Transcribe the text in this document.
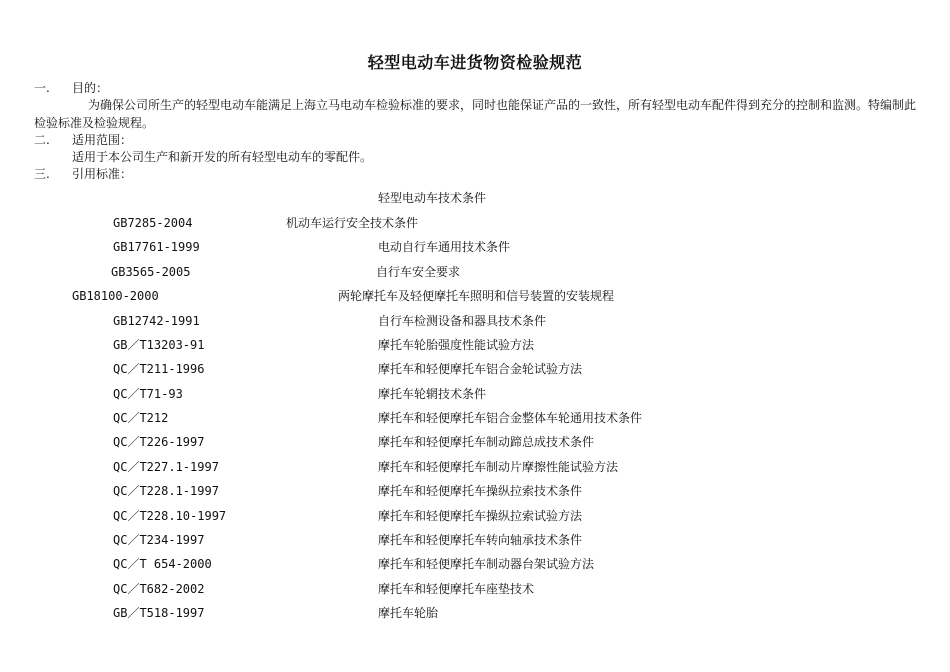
轻型电动车进货物资检验规范
一. 目的：
为确保公司所生产的轻型电动车能满足上海立马电动车检验标准的要求，同时也能保证产品的一致性，所有轻型电动车配件得到充分的控制和监测。特编制此检验标准及检验规程。
二. 适用范围：
适用于本公司生产和新开发的所有轻型电动车的零配件。
三. 引用标准：
轻型电动车技术条件
GB7285-2004	机动车运行安全技术条件
GB17761-1999	电动自行车通用技术条件
GB3565-2005	自行车安全要求
GB18100-2000	两轮摩托车及轻便摩托车照明和信号装置的安装规程
GB12742-1991	自行车检测设备和器具技术条件
GB／T13203-91	摩托车轮胎强度性能试验方法
QC／T211-1996	摩托车和轻便摩托车铝合金轮试验方法
QC／T71-93	摩托车轮辋技术条件
QC／T212	摩托车和轻便摩托车铝合金整体车轮通用技术条件
QC／T226-1997	摩托车和轻便摩托车制动蹄总成技术条件
QC／T227.1-1997	摩托车和轻便摩托车制动片摩擦性能试验方法
QC／T228.1-1997	摩托车和轻便摩托车操纵拉索技术条件
QC／T228.10-1997	摩托车和轻便摩托车操纵拉索试验方法
QC／T234-1997	摩托车和轻便摩托车转向轴承技术条件
QC／T 654-2000	摩托车和轻便摩托车制动器台架试验方法
QC／T682-2002	摩托车和轻便摩托车座垫技术
GB／T518-1997	摩托车轮胎
